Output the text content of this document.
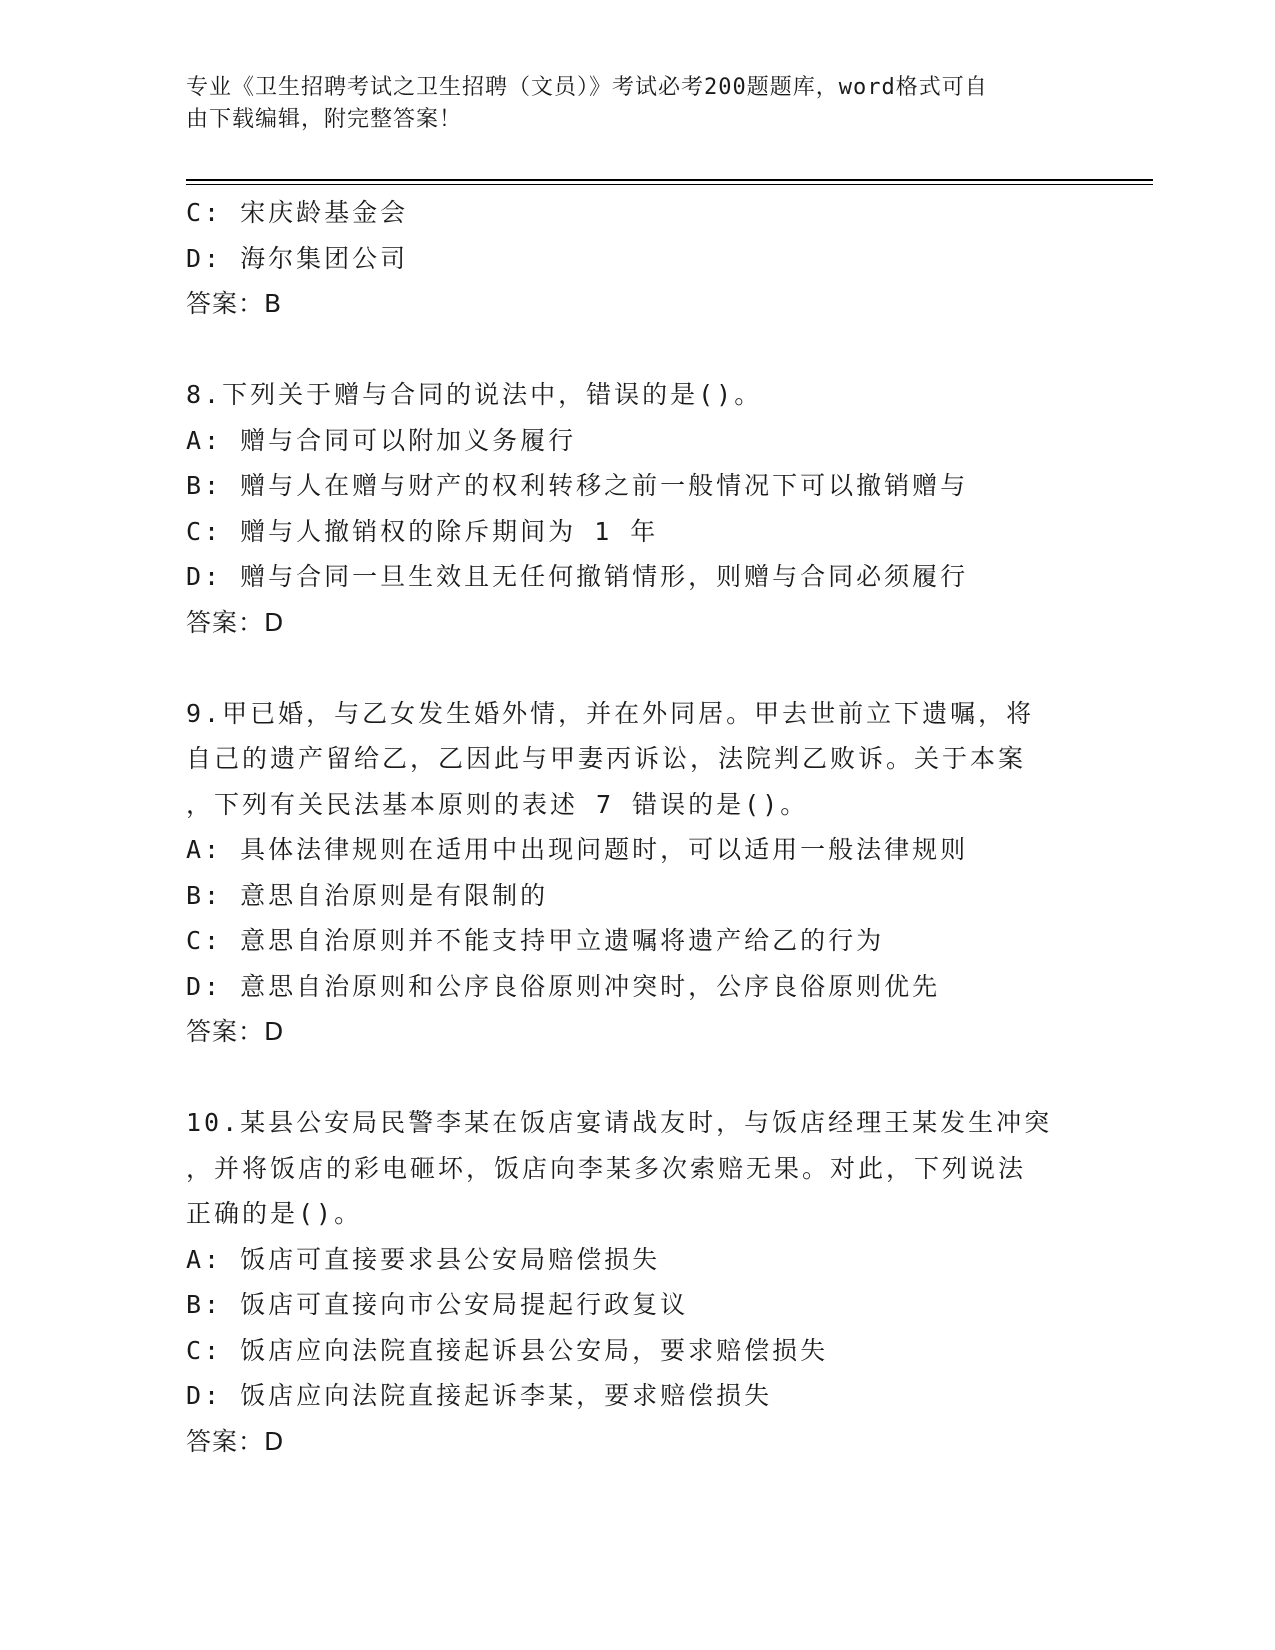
专业《卫生招聘考试之卫生招聘（文员）》考试必考200题题库，word格式可自
由下载编辑，附完整答案！
C: 宋庆龄基金会
D: 海尔集团公司
答案：B
8.下列关于赠与合同的说法中，错误的是()。
A: 赠与合同可以附加义务履行
B: 赠与人在赠与财产的权利转移之前一般情况下可以撤销赠与
C: 赠与人撤销权的除斥期间为 1 年
D: 赠与合同一旦生效且无任何撤销情形，则赠与合同必须履行
答案：D
9.甲已婚，与乙女发生婚外情，并在外同居。甲去世前立下遗嘱，将
自己的遗产留给乙，乙因此与甲妻丙诉讼，法院判乙败诉。关于本案
，下列有关民法基本原则的表述 7 错误的是()。
A: 具体法律规则在适用中出现问题时，可以适用一般法律规则
B: 意思自治原则是有限制的
C: 意思自治原则并不能支持甲立遗嘱将遗产给乙的行为
D: 意思自治原则和公序良俗原则冲突时，公序良俗原则优先
答案：D
10.某县公安局民警李某在饭店宴请战友时，与饭店经理王某发生冲突
，并将饭店的彩电砸坏，饭店向李某多次索赔无果。对此，下列说法
正确的是()。
A: 饭店可直接要求县公安局赔偿损失
B: 饭店可直接向市公安局提起行政复议
C: 饭店应向法院直接起诉县公安局，要求赔偿损失
D: 饭店应向法院直接起诉李某，要求赔偿损失
答案：D
